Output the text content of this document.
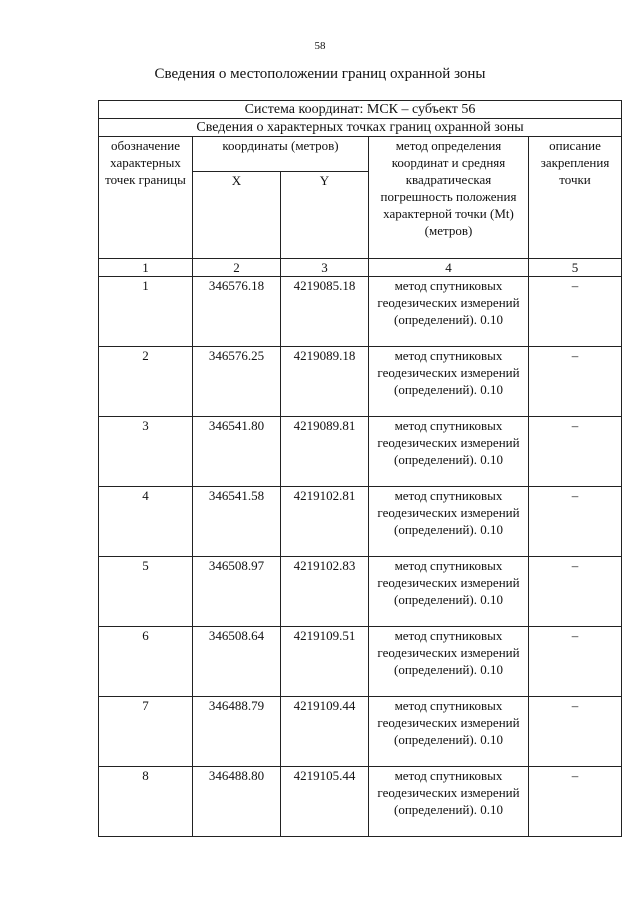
58
Сведения о местоположении границ охранной зоны
Система координат: МСК – субъект 56				
Сведения о характерных точках границ охранной зоны				
обозначение характерных точек границы	координаты (метров)		метод определения координат и средняя квадратическая погрешность положения характерной точки (Mt) (метров)	описание закрепления точки
	X	Y		
1	2	3	4	5
1	346576.18	4219085.18	метод спутниковых геодезических измерений (определений). 0.10	–
2	346576.25	4219089.18	метод спутниковых геодезических измерений (определений). 0.10	–
3	346541.80	4219089.81	метод спутниковых геодезических измерений (определений). 0.10	–
4	346541.58	4219102.81	метод спутниковых геодезических измерений (определений). 0.10	–
5	346508.97	4219102.83	метод спутниковых геодезических измерений (определений). 0.10	–
6	346508.64	4219109.51	метод спутниковых геодезических измерений (определений). 0.10	–
7	346488.79	4219109.44	метод спутниковых геодезических измерений (определений). 0.10	–
8	346488.80	4219105.44	метод спутниковых геодезических измерений (определений). 0.10	–
